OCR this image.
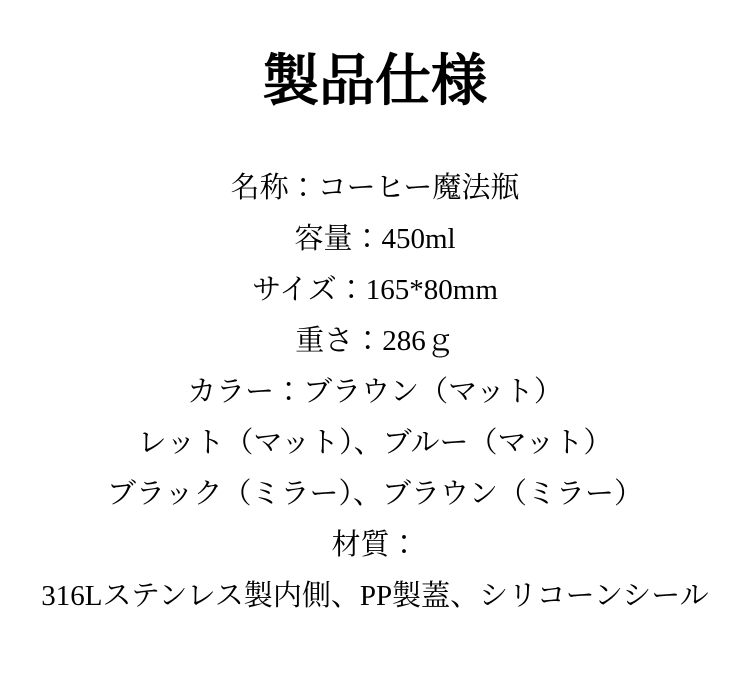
製品仕様

名称：コーヒー魔法瓶

容量：450ml

サイズ：165*80mm

重さ：286ｇ

カラー：ブラウン（マット）

レット（マット）、ブルー（マット）

ブラック（ミラー）、ブラウン（ミラー）

材質：

316Lステンレス製内側、PP製蓋、シリコーンシール
